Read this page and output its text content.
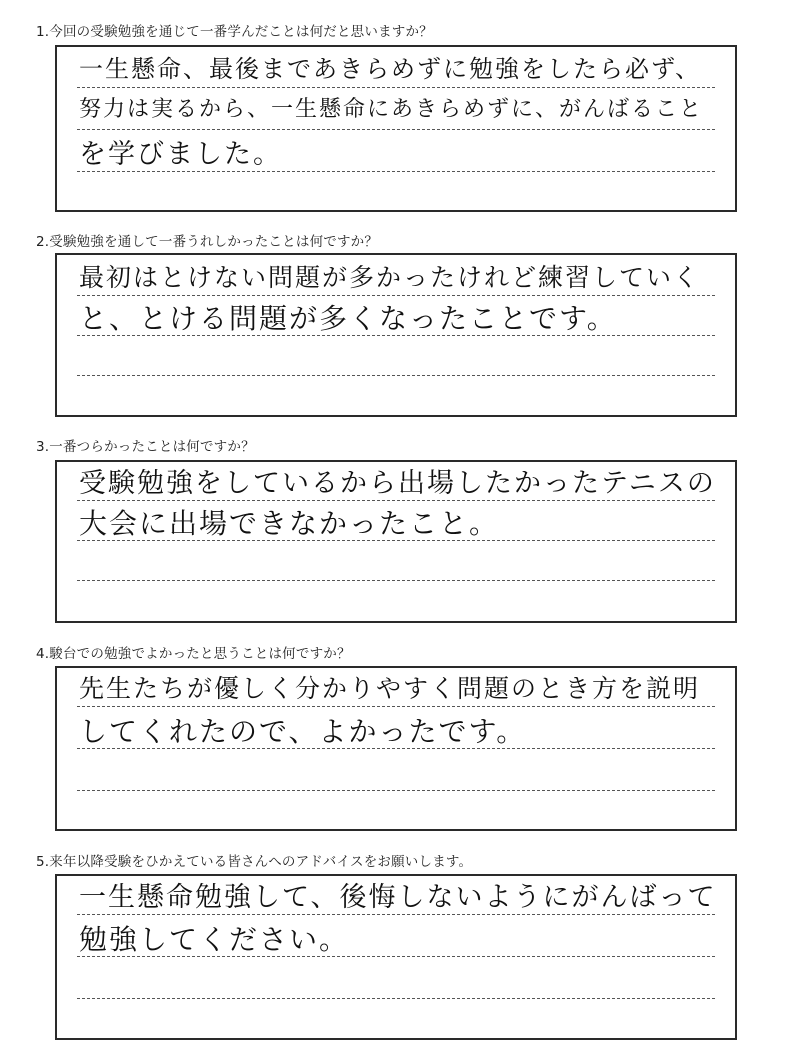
1.今回の受験勉強を通じて一番学んだことは何だと思いますか？
一生懸命、最後まであきらめずに勉強をしたら必ず、
努力は実るから、一生懸命にあきらめずに、がんばること
を学びました。
2.受験勉強を通して一番うれしかったことは何ですか？
最初はとけない問題が多かったけれど練習していく
と、とける問題が多くなったことです。
3.一番つらかったことは何ですか？
受験勉強をしているから出場したかったテニスの
大会に出場できなかったこと。
4.駿台での勉強でよかったと思うことは何ですか？
先生たちが優しく分かりやすく問題のとき方を説明
してくれたので、よかったです。
5.来年以降受験をひかえている皆さんへのアドバイスをお願いします。
一生懸命勉強して、後悔しないようにがんばって
勉強してください。
